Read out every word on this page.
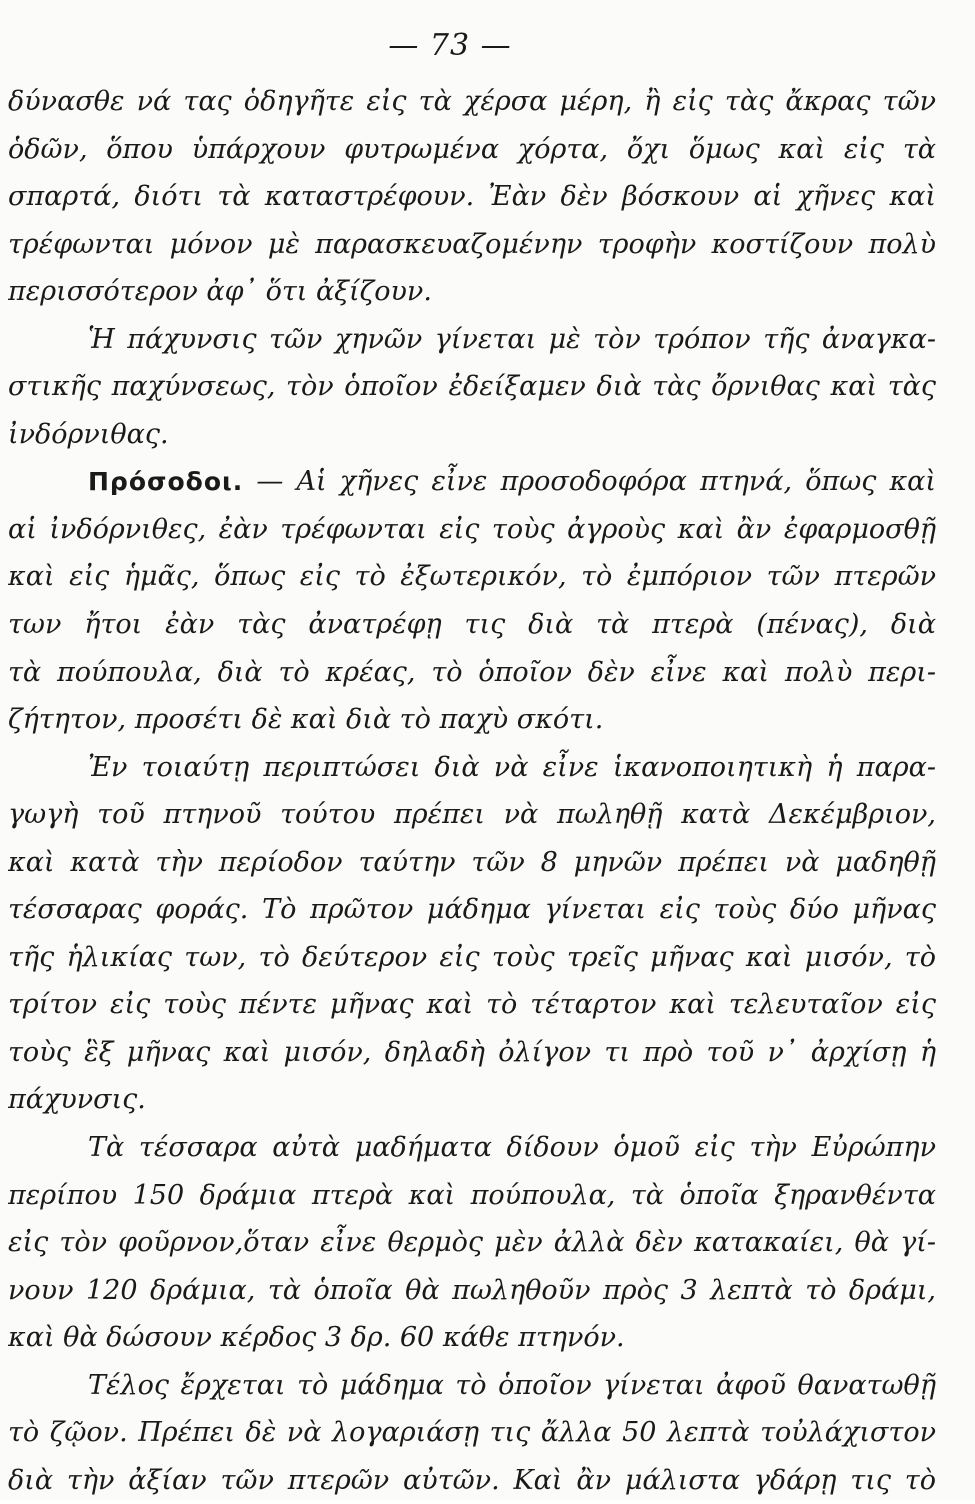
— 73 —
δύνασθε νά τας ὁδηγῆτε εἰς τὰ χέρσα μέρη, ἢ εἰς τὰς ἄκρας τῶν
ὁδῶν, ὅπου ὑπάρχουν φυτρωμένα χόρτα, ὄχι ὅμως καὶ εἰς τὰ
σπαρτά, διότι τὰ καταστρέφουν. Ἐὰν δὲν βόσκουν αἱ χῆνες καὶ
τρέφωνται μόνον μὲ παρασκευαζομένην τροφὴν κοστίζουν πολὺ
περισσότερον ἀφ᾽ ὅτι ἀξίζουν.
Ἡ πάχυνσις τῶν χηνῶν γίνεται μὲ τὸν τρόπον τῆς ἀναγκα-
στικῆς παχύνσεως, τὸν ὁποῖον ἐδείξαμεν διὰ τὰς ὄρνιθας καὶ τὰς
ἰνδόρνιθας.
Πρόσοδοι. — Αἱ χῆνες εἶνε προσοδοφόρα πτηνά, ὅπως καὶ
αἱ ἰνδόρνιθες, ἐὰν τρέφωνται εἰς τοὺς ἀγροὺς καὶ ἂν ἐφαρμοσθῇ
καὶ εἰς ἡμᾶς, ὅπως εἰς τὸ ἐξωτερικόν, τὸ ἐμπόριον τῶν πτερῶν
των ἤτοι ἐὰν τὰς ἀνατρέφῃ τις διὰ τὰ πτερὰ (πένας), διὰ
τὰ πούπουλα, διὰ τὸ κρέας, τὸ ὁποῖον δὲν εἶνε καὶ πολὺ περι-
ζήτητον, προσέτι δὲ καὶ διὰ τὸ παχὺ σκότι.
Ἐν τοιαύτῃ περιπτώσει διὰ νὰ εἶνε ἱκανοποιητικὴ ἡ παρα-
γωγὴ τοῦ πτηνοῦ τούτου πρέπει νὰ πωληθῇ κατὰ Δεκέμβριον,
καὶ κατὰ τὴν περίοδον ταύτην τῶν 8 μηνῶν πρέπει νὰ μαδηθῇ
τέσσαρας φοράς. Τὸ πρῶτον μάδημα γίνεται εἰς τοὺς δύο μῆνας
τῆς ἡλικίας των, τὸ δεύτερον εἰς τοὺς τρεῖς μῆνας καὶ μισόν, τὸ
τρίτον εἰς τοὺς πέντε μῆνας καὶ τὸ τέταρτον καὶ τελευταῖον εἰς
τοὺς ἓξ μῆνας καὶ μισόν, δηλαδὴ ὀλίγον τι πρὸ τοῦ ν᾽ ἀρχίσῃ ἡ
πάχυνσις.
Τὰ τέσσαρα αὐτὰ μαδήματα δίδουν ὁμοῦ εἰς τὴν Εὐρώπην
περίπου 150 δράμια πτερὰ καὶ πούπουλα, τὰ ὁποῖα ξηρανθέντα
εἰς τὸν φοῦρνον,ὅταν εἶνε θερμὸς μὲν ἀλλὰ δὲν κατακαίει, θὰ γί-
νουν 120 δράμια, τὰ ὁποῖα θὰ πωληθοῦν πρὸς 3 λεπτὰ τὸ δράμι,
καὶ θὰ δώσουν κέρδος 3 δρ. 60 κάθε πτηνόν.
Τέλος ἔρχεται τὸ μάδημα τὸ ὁποῖον γίνεται ἀφοῦ θανατωθῇ
τὸ ζῷον. Πρέπει δὲ νὰ λογαριάσῃ τις ἄλλα 50 λεπτὰ τοὐλάχιστον
διὰ τὴν ἀξίαν τῶν πτερῶν αὐτῶν. Καὶ ἂν μάλιστα γδάρῃ τις τὸ
